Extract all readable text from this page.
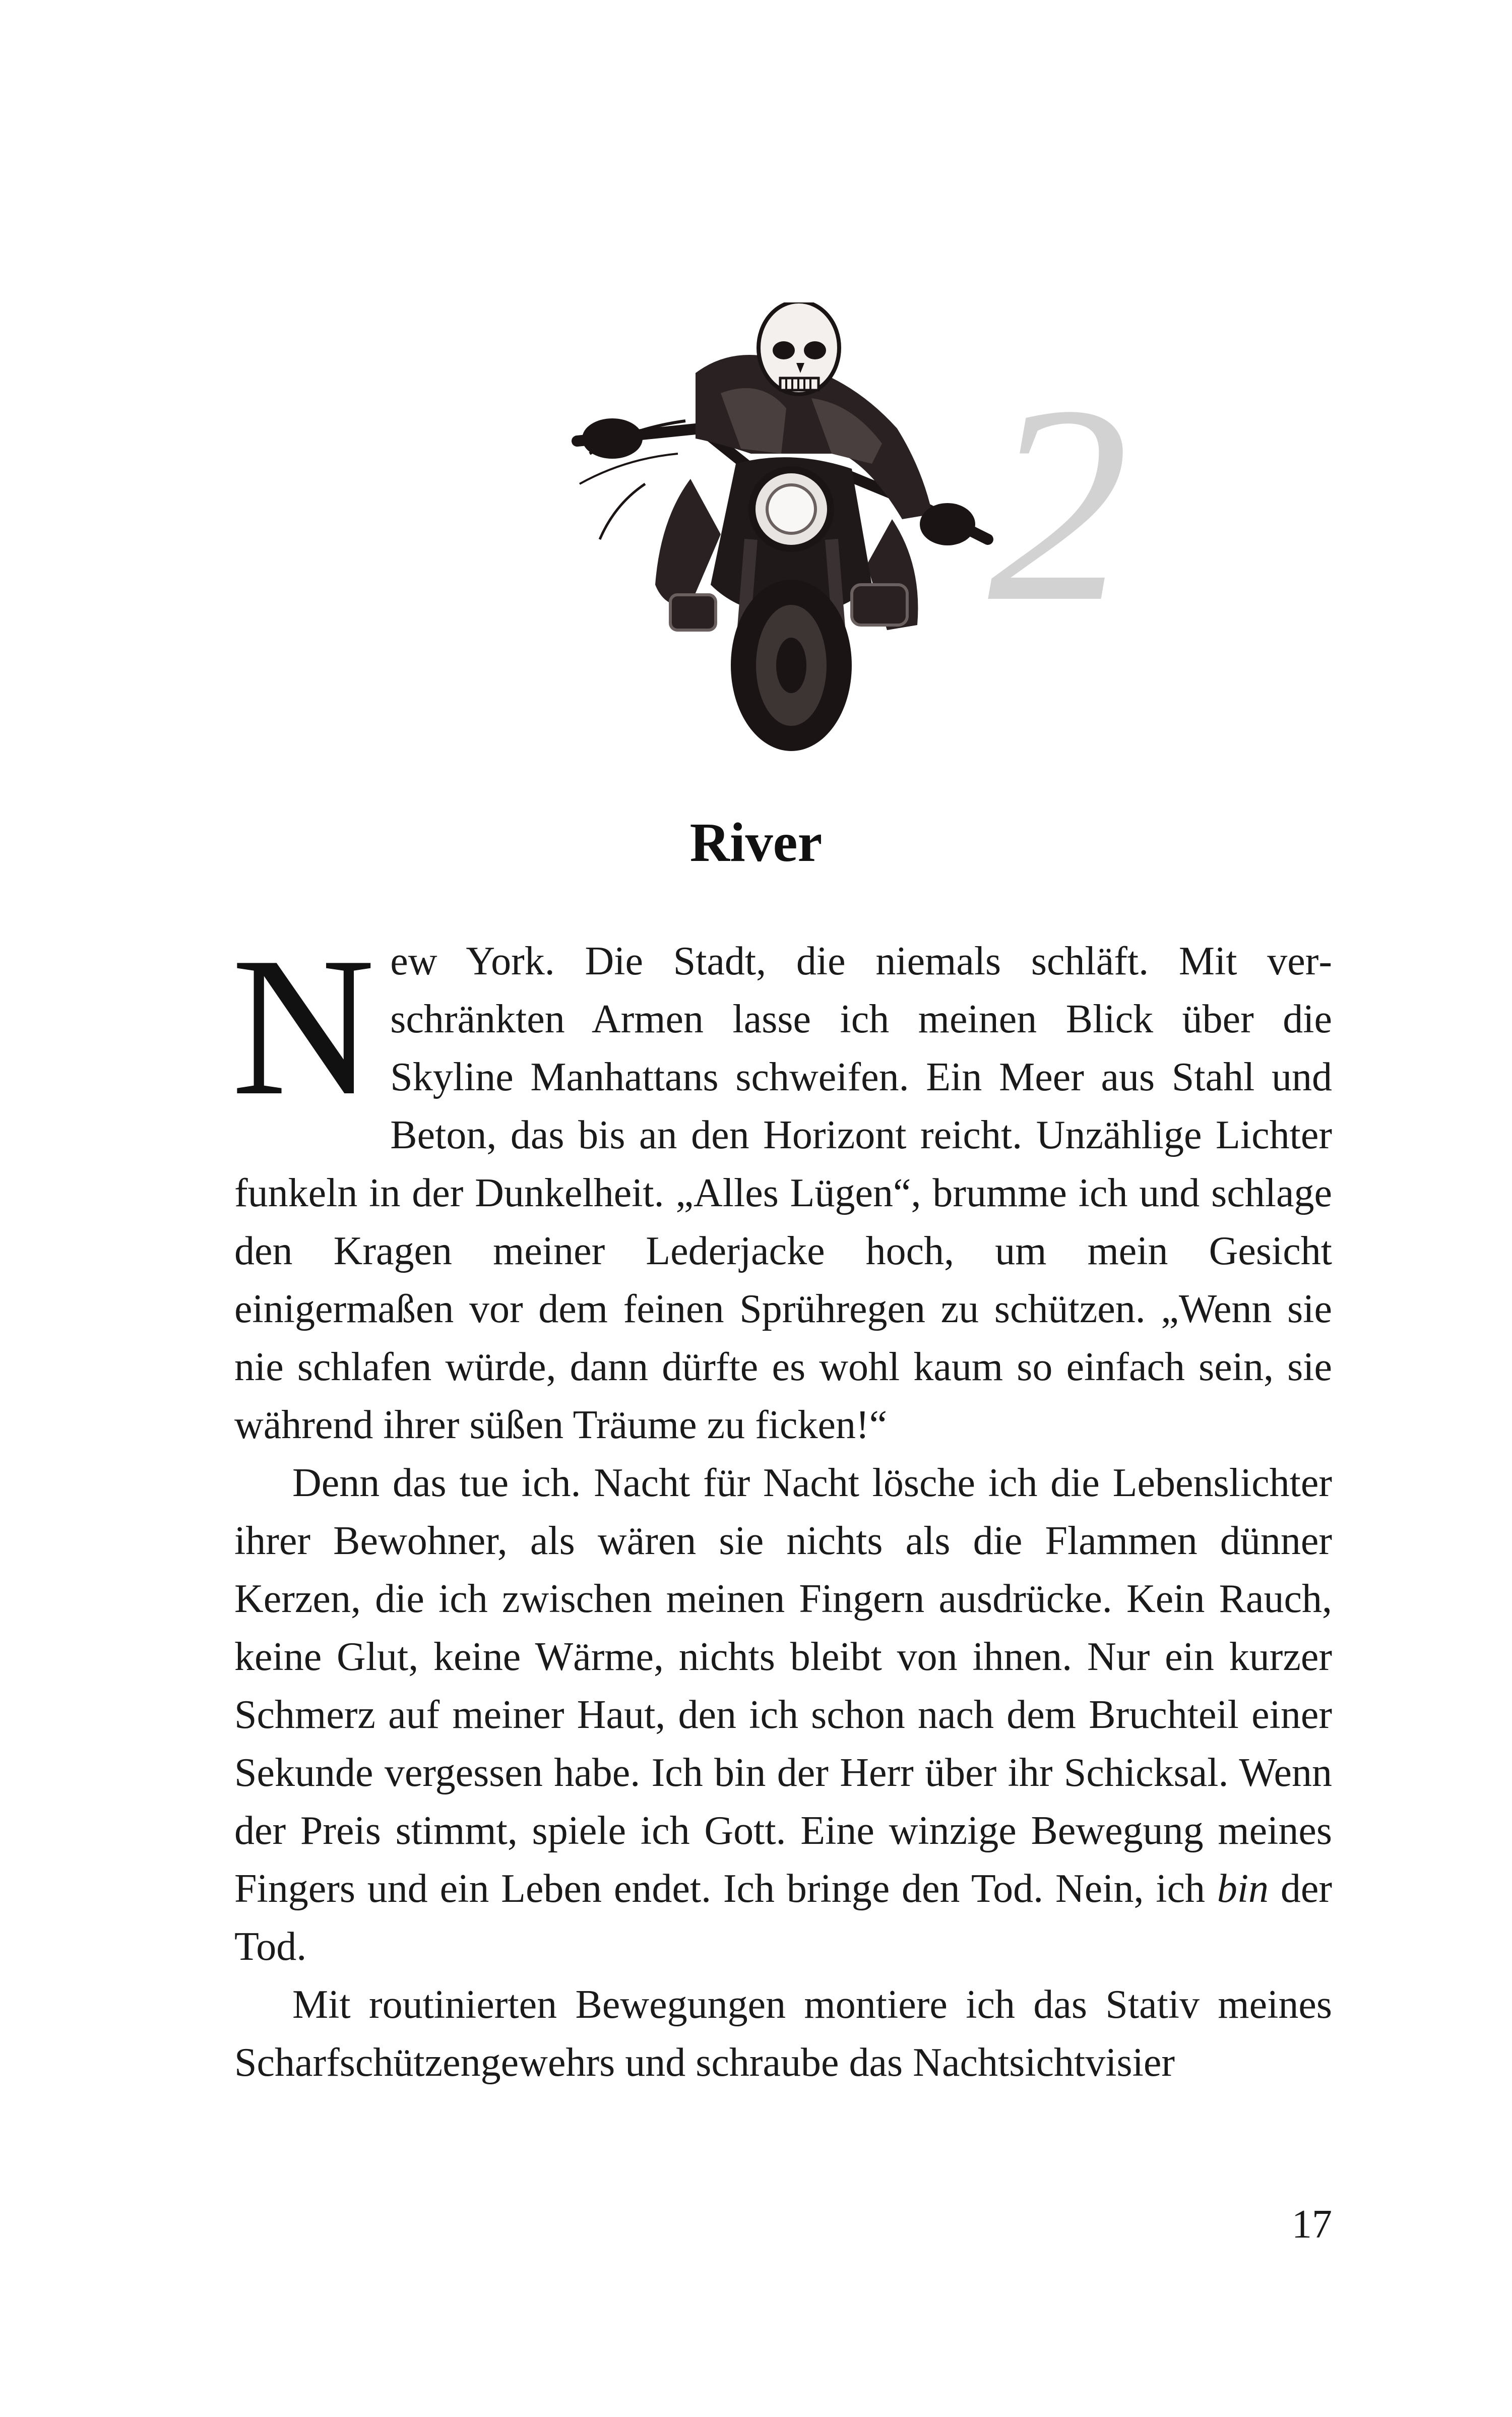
2
River

New York. Die Stadt, die niemals schläft. Mit verschränkten Armen lasse ich meinen Blick über die Skyline Manhattans schweifen. Ein Meer aus Stahl und Beton, das bis an den Horizont reicht. Unzählige Lichter funkeln in der Dunkelheit. „Alles Lügen“, brumme ich und schlage den Kragen meiner Lederjacke hoch, um mein Gesicht einigermaßen vor dem feinen Sprühregen zu schützen. „Wenn sie nie schlafen würde, dann dürfte es wohl kaum so einfach sein, sie während ihrer süßen Träume zu ficken!“

Denn das tue ich. Nacht für Nacht lösche ich die Lebenslichter ihrer Bewohner, als wären sie nichts als die Flammen dünner Kerzen, die ich zwischen meinen Fingern ausdrücke. Kein Rauch, keine Glut, keine Wärme, nichts bleibt von ihnen. Nur ein kurzer Schmerz auf meiner Haut, den ich schon nach dem Bruchteil einer Sekunde vergessen habe. Ich bin der Herr über ihr Schicksal. Wenn der Preis stimmt, spiele ich Gott. Eine winzige Bewegung meines Fingers und ein Leben endet. Ich bringe den Tod. Nein, ich bin der Tod.

Mit routinierten Bewegungen montiere ich das Stativ meines Scharfschützengewehrs und schraube das Nachtsichtvisier

17
